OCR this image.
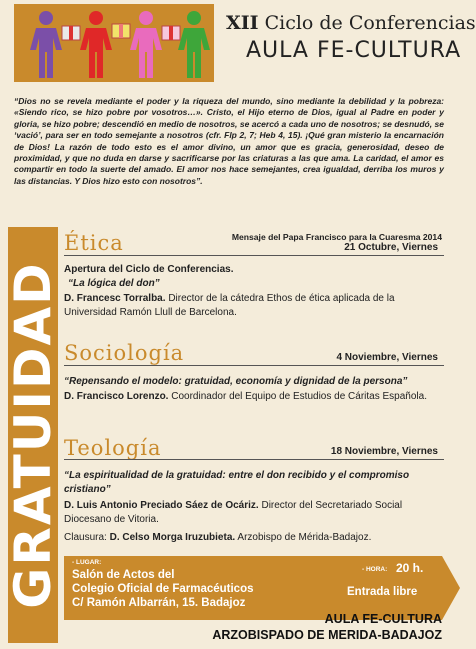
XII Ciclo de Conferencias
AULA FE-CULTURA
“Dios no se revela mediante el poder y la riqueza del mundo, sino mediante la debilidad y la pobreza: «Siendo rico, se hizo pobre por vosotros…». Cristo, el Hijo eterno de Dios, igual al Padre en poder y gloria, se hizo pobre; descendió en medio de nosotros, se acercó a cada uno de nosotros; se desnudó, se ‘vació’, para ser en todo semejante a nosotros (cfr. Flp 2, 7; Heb 4, 15). ¡Qué gran misterio la encarnación de Dios! La razón de todo esto es el amor divino, un amor que es gracia, generosidad, deseo de proximidad, y que no duda en darse y sacrificarse por las criaturas a las que ama. La caridad, el amor es compartir en todo la suerte del amado. El amor nos hace semejantes, crea igualdad, derriba los muros y las distancias. Y Dios hizo esto con nosotros”.
Mensaje del Papa Francisco para la Cuaresma 2014
GRATUIDAD
Ética	21 Octubre, Viernes
Apertura del Ciclo de Conferencias.
“La lógica del don”
D. Francesc Torralba. Director de la cátedra Ethos de ética aplicada de la Universidad Ramón Llull de Barcelona.
Sociología	4 Noviembre, Viernes
“Repensando el modelo: gratuidad, economía y dignidad de la persona”
D. Francisco Lorenzo. Coordinador del Equipo de Estudios de Cáritas Española.
Teología	18 Noviembre, Viernes
“La espiritualidad de la gratuidad: entre el don recibido y el compromiso cristiano”
D. Luis Antonio Preciado Sáez de Ocáriz. Director del Secretariado Social Diocesano de Vitoria.
Clausura: D. Celso Morga Iruzubieta. Arzobispo de Mérida-Badajoz.
- LUGAR:
Salón de Actos del
Colegio Oficial de Farmacéuticos
C/ Ramón Albarrán, 15. Badajoz
- HORA: 20 h.
Entrada libre
AULA FE-CULTURA
ARZOBISPADO DE MERIDA-BADAJOZ
